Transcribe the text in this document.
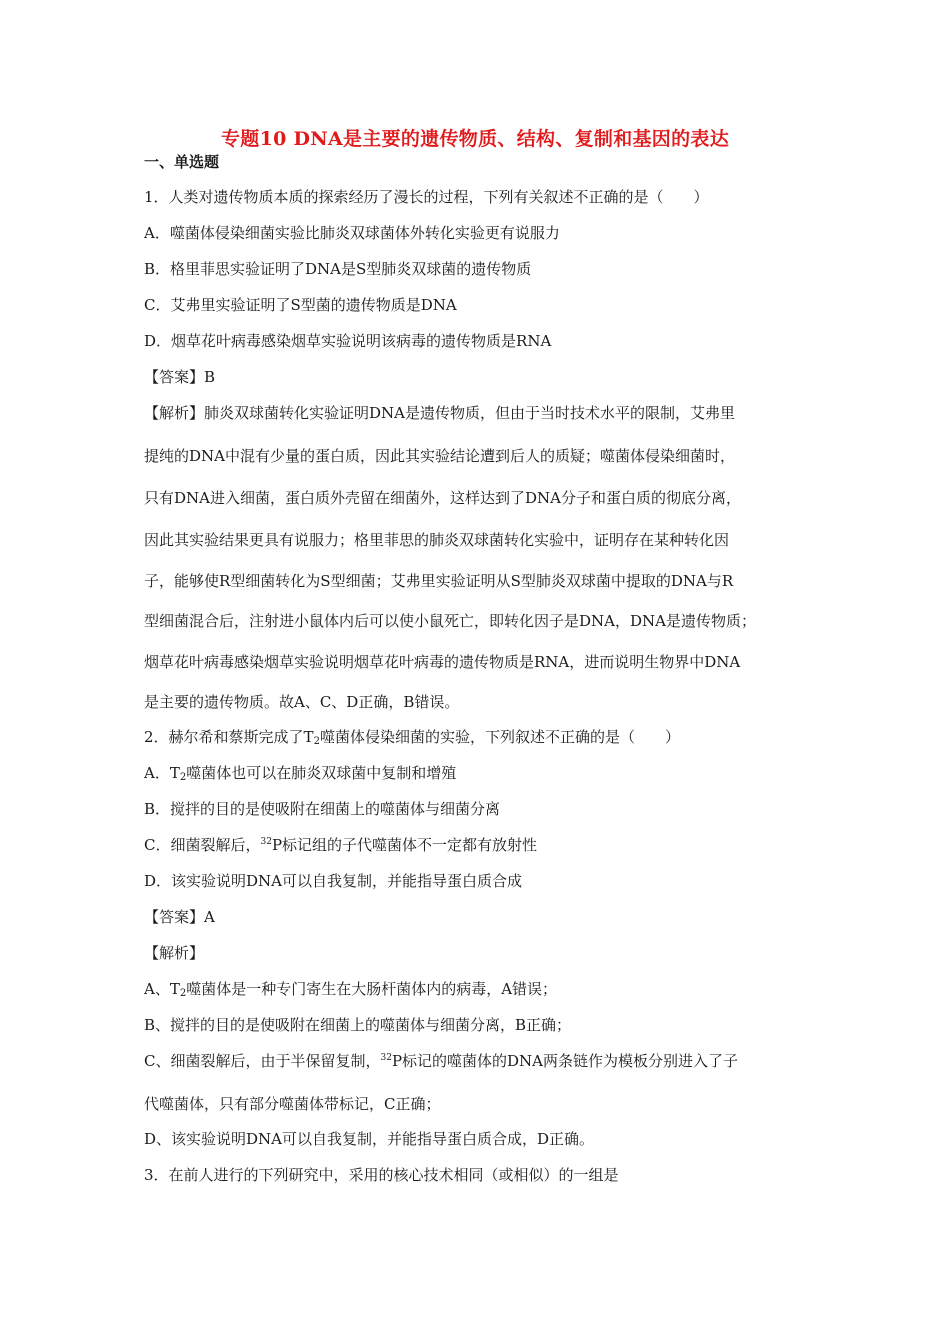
专题10 DNA是主要的遗传物质、结构、复制和基因的表达
一、单选题
1．人类对遗传物质本质的探索经历了漫长的过程，下列有关叙述不正确的是（　　）
A．噬菌体侵染细菌实验比肺炎双球菌体外转化实验更有说服力
B．格里菲思实验证明了DNA是S型肺炎双球菌的遗传物质
C．艾弗里实验证明了S型菌的遗传物质是DNA
D．烟草花叶病毒感染烟草实验说明该病毒的遗传物质是RNA
【答案】B
【解析】肺炎双球菌转化实验证明DNA是遗传物质，但由于当时技术水平的限制，艾弗里
提纯的DNA中混有少量的蛋白质，因此其实验结论遭到后人的质疑；噬菌体侵染细菌时，
只有DNA进入细菌，蛋白质外壳留在细菌外，这样达到了DNA分子和蛋白质的彻底分离，
因此其实验结果更具有说服力；格里菲思的肺炎双球菌转化实验中，证明存在某种转化因
子，能够使R型细菌转化为S型细菌；艾弗里实验证明从S型肺炎双球菌中提取的DNA与R
型细菌混合后，注射进小鼠体内后可以使小鼠死亡，即转化因子是DNA，DNA是遗传物质；
烟草花叶病毒感染烟草实验说明烟草花叶病毒的遗传物质是RNA，进而说明生物界中DNA
是主要的遗传物质。故A、C、D正确，B错误。
2．赫尔希和蔡斯完成了$T_2$噬菌体侵染细菌的实验，下列叙述不正确的是（　　）
A．$T_2$噬菌体也可以在肺炎双球菌中复制和增殖
B．搅拌的目的是使吸附在细菌上的噬菌体与细菌分离
C．细菌裂解后，$^{32}$P标记组的子代噬菌体不一定都有放射性
D．该实验说明DNA可以自我复制，并能指导蛋白质合成
【答案】A
【解析】
A、$T_2$噬菌体是一种专门寄生在大肠杆菌体内的病毒，A错误；
B、搅拌的目的是使吸附在细菌上的噬菌体与细菌分离，B正确；
C、细菌裂解后，由于半保留复制，$^{32}$P标记的噬菌体的DNA两条链作为模板分别进入了子
代噬菌体，只有部分噬菌体带标记，C正确；
D、该实验说明DNA可以自我复制，并能指导蛋白质合成，D正确。
3．在前人进行的下列研究中，采用的核心技术相同（或相似）的一组是
